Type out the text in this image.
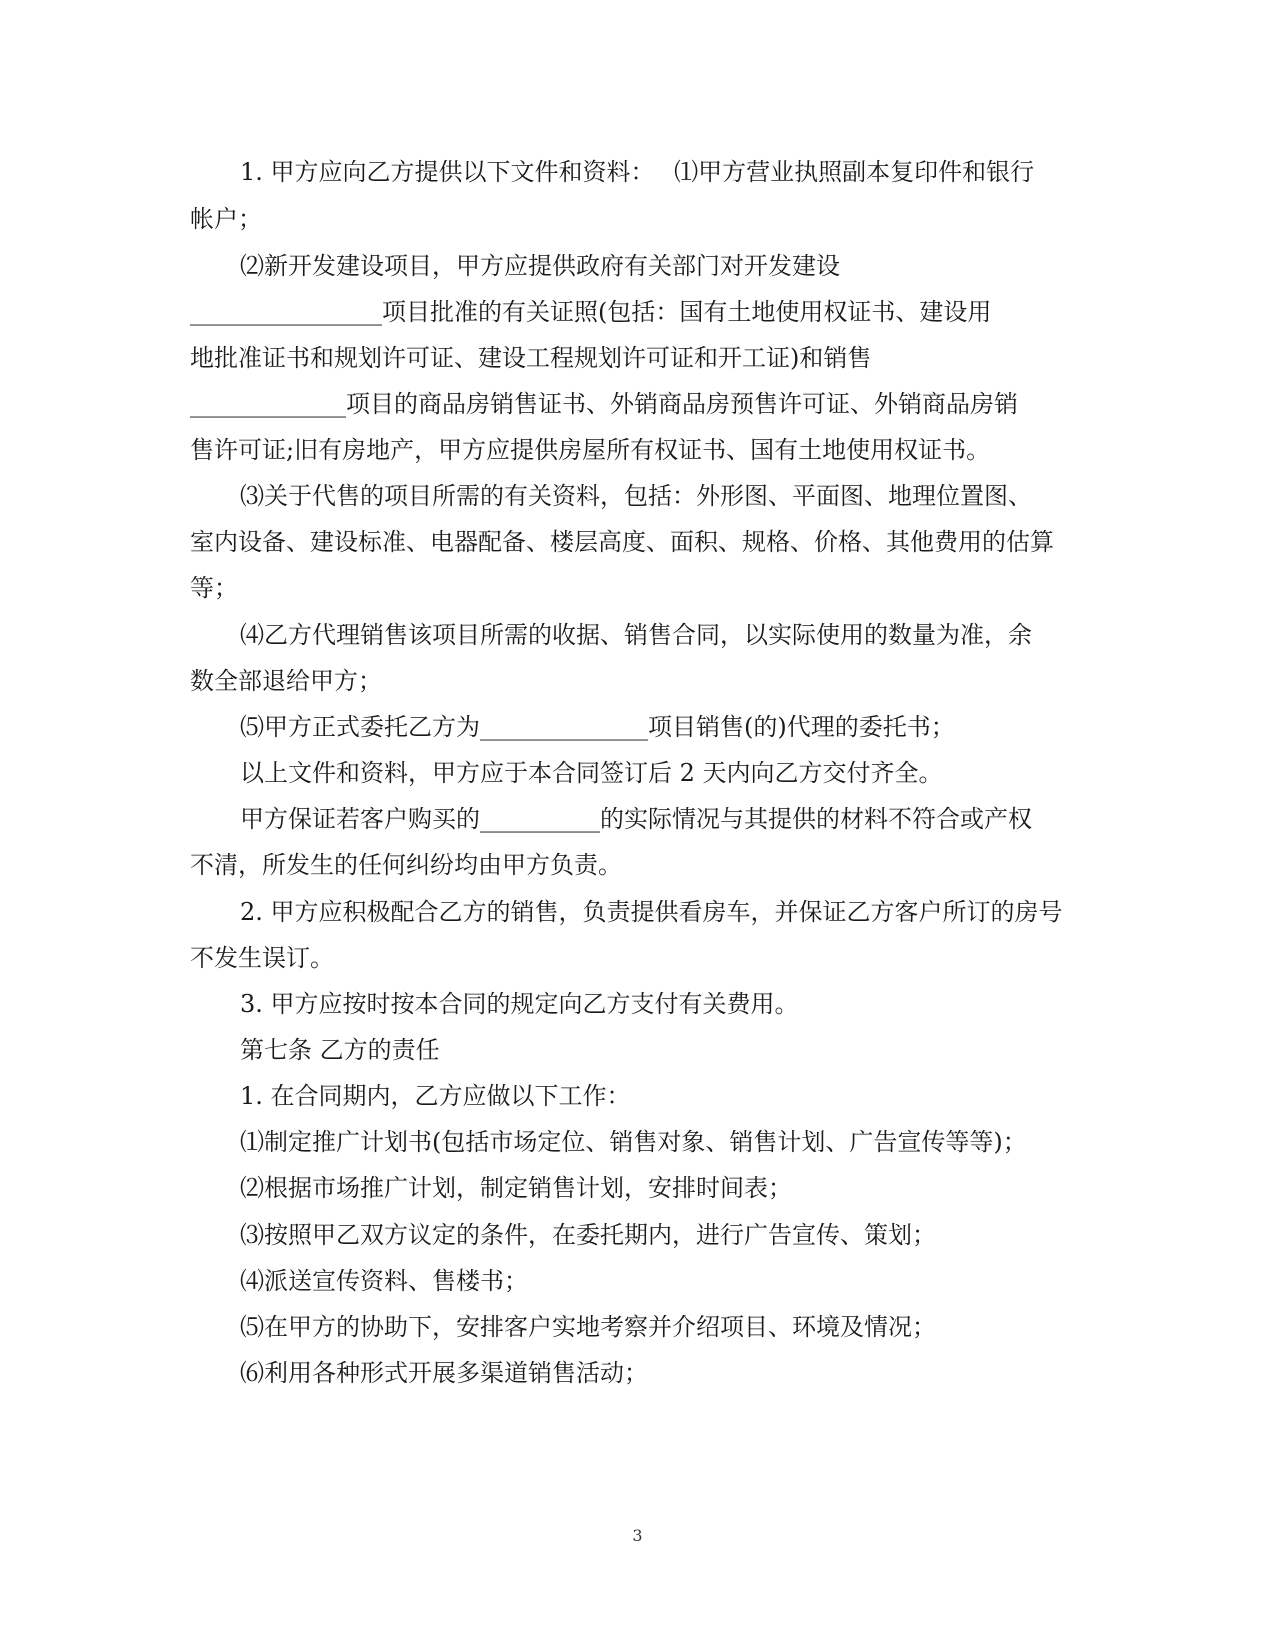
1. 甲方应向乙方提供以下文件和资料：　 ⑴甲方营业执照副本复印件和银行
帐户；
⑵新开发建设项目，甲方应提供政府有关部门对开发建设
________________项目批准的有关证照(包括：国有土地使用权证书、建设用
地批准证书和规划许可证、建设工程规划许可证和开工证)和销售
_____________项目的商品房销售证书、外销商品房预售许可证、外销商品房销
售许可证;旧有房地产，甲方应提供房屋所有权证书、国有土地使用权证书。
⑶关于代售的项目所需的有关资料，包括：外形图、平面图、地理位置图、
室内设备、建设标准、电器配备、楼层高度、面积、规格、价格、其他费用的估算
等；
⑷乙方代理销售该项目所需的收据、销售合同，以实际使用的数量为准，余
数全部退给甲方；
⑸甲方正式委托乙方为______________项目销售(的)代理的委托书；
以上文件和资料，甲方应于本合同签订后 2 天内向乙方交付齐全。
甲方保证若客户购买的__________的实际情况与其提供的材料不符合或产权
不清，所发生的任何纠纷均由甲方负责。
2. 甲方应积极配合乙方的销售，负责提供看房车，并保证乙方客户所订的房号
不发生误订。
3. 甲方应按时按本合同的规定向乙方支付有关费用。
第七条 乙方的责任
1. 在合同期内，乙方应做以下工作：
⑴制定推广计划书(包括市场定位、销售对象、销售计划、广告宣传等等)；
⑵根据市场推广计划，制定销售计划，安排时间表；
⑶按照甲乙双方议定的条件，在委托期内，进行广告宣传、策划；
⑷派送宣传资料、售楼书；
⑸在甲方的协助下，安排客户实地考察并介绍项目、环境及情况；
⑹利用各种形式开展多渠道销售活动；
3
